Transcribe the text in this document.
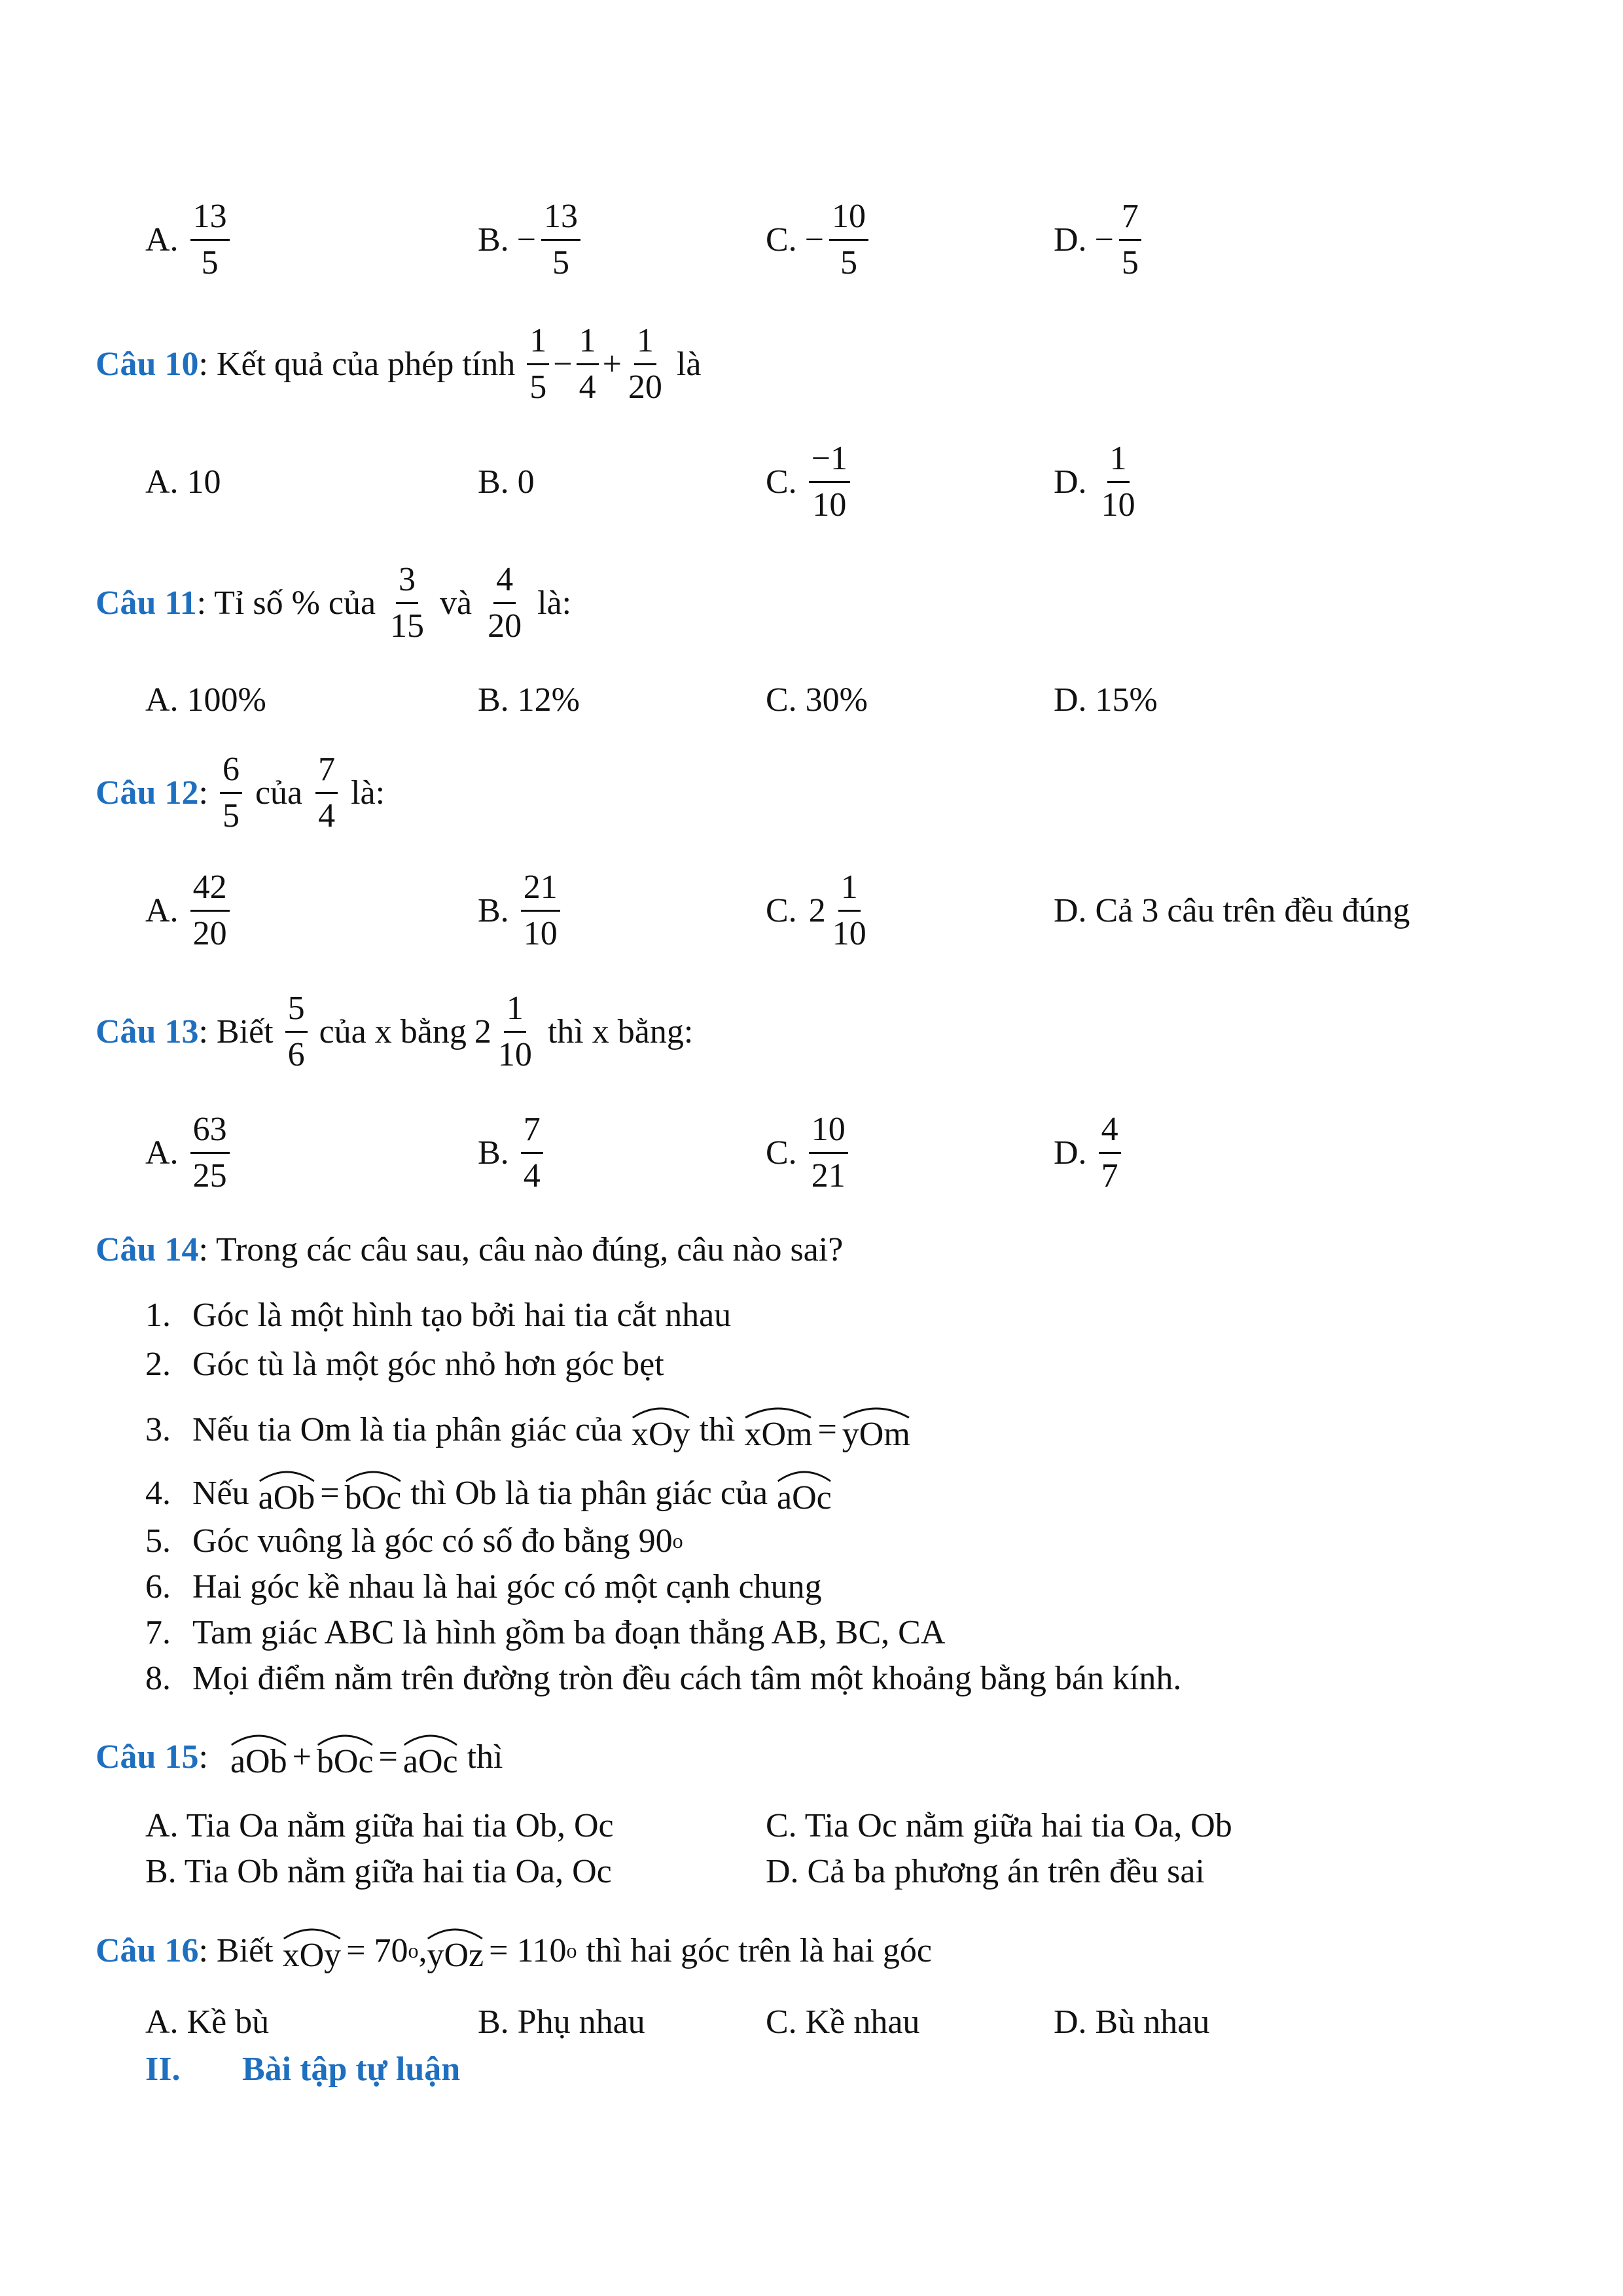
A. $\frac{13}{5}$	B. − $\frac{13}{5}$	C. − $\frac{10}{5}$	D. − $\frac{7}{5}$
Câu 10 : Kết quả của phép tính $\frac{1}{5} - \frac{1}{4} + \frac{1}{20}$ là
A. 10	B. 0	C. $\frac{-1}{10}$	D. $\frac{1}{10}$
Câu 11 : Tỉ số % của $\frac{3}{15}$ và $\frac{4}{20}$ là:
A. 100%	B. 12%	C. 30%	D. 15%
Câu 12 : $\frac{6}{5}$ của $\frac{7}{4}$ là:
A. $\frac{42}{20}$	B. $\frac{21}{10}$	C. $2 \frac{1}{10}$	D. Cả 3 câu trên đều đúng
Câu 13 : Biết $\frac{5}{6}$ của x bằng $2 \frac{1}{10}$ thì x bằng:
A. $\frac{63}{25}$	B. $\frac{7}{4}$	C. $\frac{10}{21}$	D. $\frac{4}{7}$
Câu 14 : Trong các câu sau, câu nào đúng, câu nào sai?
1. Góc là một hình tạo bởi hai tia cắt nhau
2. Góc tù là một góc nhỏ hơn góc bẹt
3. Nếu tia Om là tia phân giác của xOy thì xOm = yOm
4. Nếu aOb = bOc thì Ob là tia phân giác của aOc
5. Góc vuông là góc có số đo bằng 90 o
6. Hai góc kề nhau là hai góc có một cạnh chung
7. Tam giác ABC là hình gồm ba đoạn thẳng AB, BC, CA
8. Mọi điểm nằm trên đường tròn đều cách tâm một khoảng bằng bán kính.
Câu 15 : aOb + bOc = aOc thì
A. Tia Oa nằm giữa hai tia Ob, Oc	C. Tia Oc nằm giữa hai tia Oa, Ob
B. Tia Ob nằm giữa hai tia Oa, Oc	D. Cả ba phương án trên đều sai
Câu 16 : Biết xOy = 70 o , yOz = 110 o thì hai góc trên là hai góc
A. Kề bù	B. Phụ nhau	C. Kề nhau	D. Bù nhau
II. Bài tập tự luận
